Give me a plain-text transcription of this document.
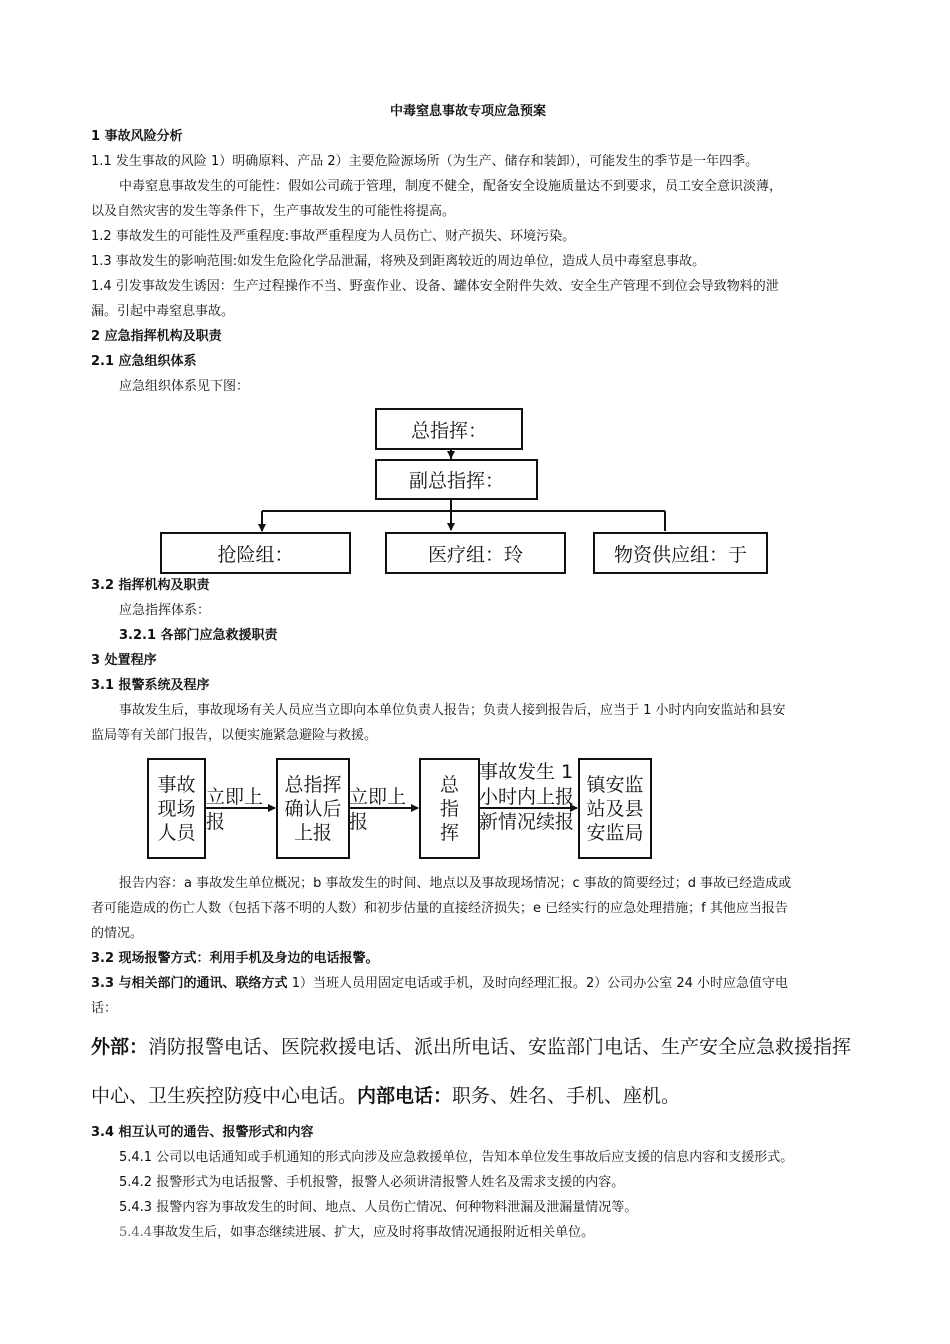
中毒窒息事故专项应急预案
1 事故风险分析
1.1 发生事故的风险 1）明确原料、产品 2）主要危险源场所（为生产、储存和装卸），可能发生的季节是一年四季。
中毒窒息事故发生的可能性：假如公司疏于管理，制度不健全，配备安全设施质量达不到要求，员工安全意识淡薄，
以及自然灾害的发生等条件下，生产事故发生的可能性将提高。
1.2 事故发生的可能性及严重程度:事故严重程度为人员伤亡、财产损失、环境污染。
1.3 事故发生的影响范围:如发生危险化学品泄漏，将殃及到距离较近的周边单位，造成人员中毒窒息事故。
1.4 引发事故发生诱因：生产过程操作不当、野蛮作业、设备、罐体安全附件失效、安全生产管理不到位会导致物料的泄
漏。引起中毒窒息事故。
2 应急指挥机构及职责
2.1 应急组织体系
应急组织体系见下图：
总指挥：
副总指挥：
抢险组：	医疗组：玲	物资供应组：于
3.2 指挥机构及职责
应急指挥体系：
3.2.1 各部门应急救援职责
3 处置程序
3.1 报警系统及程序
事故发生后，事故现场有关人员应当立即向本单位负责人报告；负责人接到报告后，应当于 1 小时内向安监站和县安
监局等有关部门报告，以便实施紧急避险与救援。
事故
现场
人员
总指挥
确认后
上报
总
指
挥
镇安监
站及县
安监局
立即上
报
立即上
报
事故发生 1
小时内上报
新情况续报
报告内容：a 事故发生单位概况；b 事故发生的时间、地点以及事故现场情况；c 事故的简要经过；d 事故已经造成或
者可能造成的伤亡人数（包括下落不明的人数）和初步估量的直接经济损失；e 已经实行的应急处理措施；f 其他应当报告
的情况。
3.2 现场报警方式：利用手机及身边的电话报警。
3.3 与相关部门的通讯、联络方式 1）当班人员用固定电话或手机，及时向经理汇报。2）公司办公室 24 小时应急值守电
话：
外部：消防报警电话、医院救援电话、派出所电话、安监部门电话、生产安全应急救援指挥
中心、卫生疾控防疫中心电话。内部电话：职务、姓名、手机、座机。
3.4 相互认可的通告、报警形式和内容
5.4.1 公司以电话通知或手机通知的形式向涉及应急救援单位，告知本单位发生事故后应支援的信息内容和支援形式。
5.4.2 报警形式为电话报警、手机报警，报警人必须讲清报警人姓名及需求支援的内容。
5.4.3 报警内容为事故发生的时间、地点、人员伤亡情况、何种物料泄漏及泄漏量情况等。
5.4.4事故发生后，如事态继续进展、扩大，应及时将事故情况通报附近相关单位。
